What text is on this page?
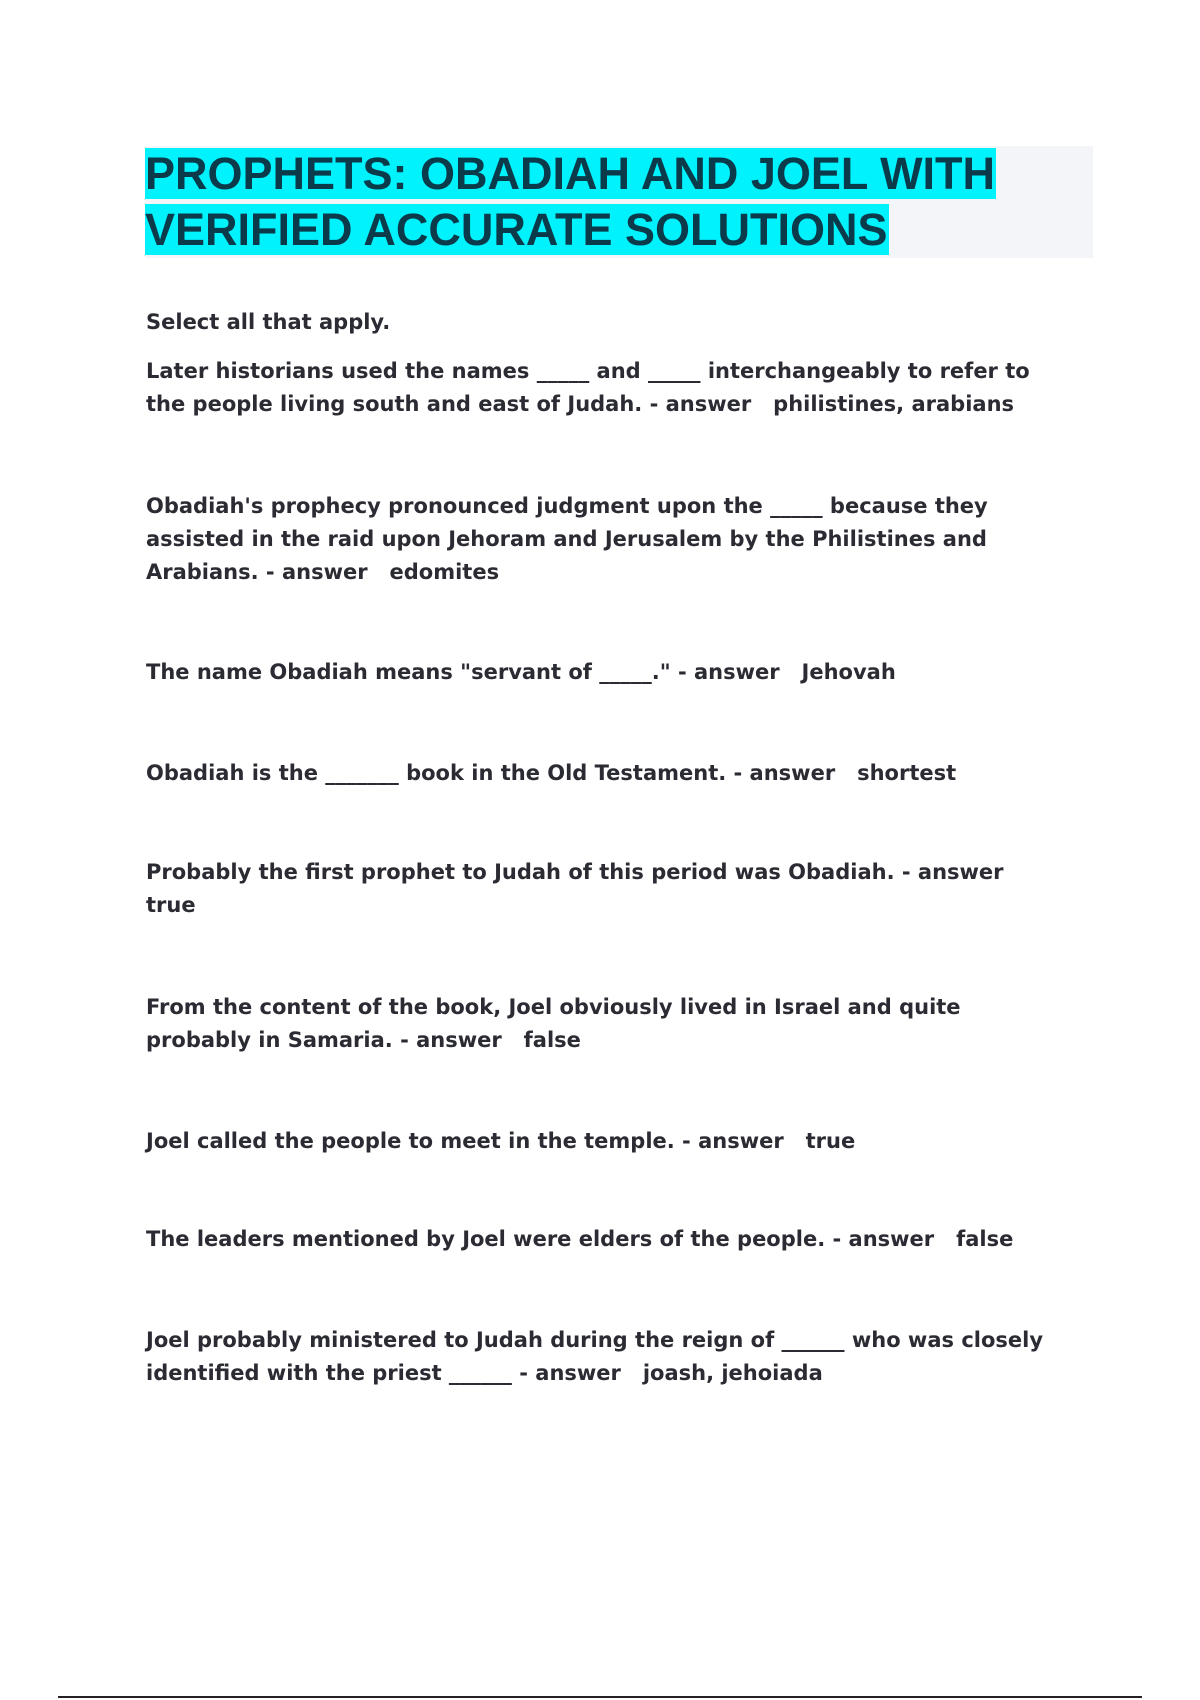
PROPHETS: OBADIAH AND JOEL WITH
VERIFIED ACCURATE SOLUTIONS

Select all that apply.

Later historians used the names _____ and _____ interchangeably to refer to

the people living south and east of Judah. - answer   philistines, arabians

Obadiah's prophecy pronounced judgment upon the _____ because they

assisted in the raid upon Jehoram and Jerusalem by the Philistines and

Arabians. - answer   edomites

The name Obadiah means "servant of _____." - answer   Jehovah

Obadiah is the _______ book in the Old Testament. - answer   shortest

Probably the first prophet to Judah of this period was Obadiah. - answer

true

From the content of the book, Joel obviously lived in Israel and quite

probably in Samaria. - answer   false

Joel called the people to meet in the temple. - answer   true

The leaders mentioned by Joel were elders of the people. - answer   false

Joel probably ministered to Judah during the reign of ______ who was closely

identified with the priest ______ - answer   joash, jehoiada
